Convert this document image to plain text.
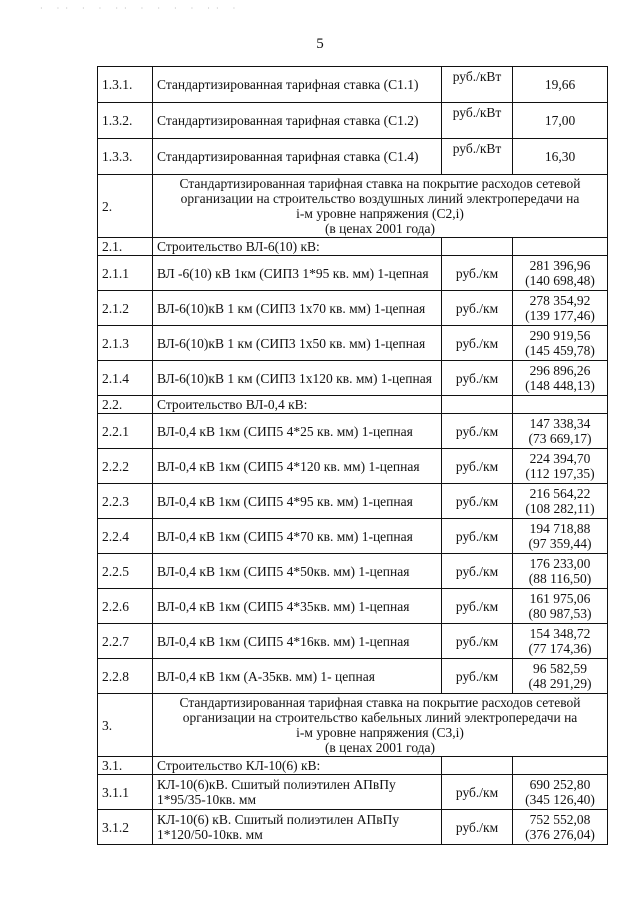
· ·· · · ·· · · · · ·· ·
5
1.3.1.	Стандартизированная тарифная ставка (С1.1)	руб./кВт	19,66
1.3.2.	Стандартизированная тарифная ставка (С1.2)	руб./кВт	17,00
1.3.3.	Стандартизированная тарифная ставка (С1.4)	руб./кВт	16,30
2.	Стандартизированная тарифная ставка на покрытие расходов сетевой
организации на строительство воздушных линий электропередачи на
i-м уровне напряжения (С2,i)
(в ценах 2001 года)		

2.1.	Строительство ВЛ-6(10) кВ:		
2.1.1	ВЛ -6(10) кВ 1км (СИП3 1*95 кв. мм) 1-цепная	руб./км	281 396,96
(140 698,48)

2.1.2	ВЛ-6(10)кВ 1 км (СИП3 1х70 кв. мм) 1-цепная	руб./км	278 354,92
(139 177,46)

2.1.3	ВЛ-6(10)кВ 1 км (СИП3 1х50 кв. мм) 1-цепная	руб./км	290 919,56
(145 459,78)

2.1.4	ВЛ-6(10)кВ 1 км (СИП3 1х120 кв. мм) 1-цепная	руб./км	296 896,26
(148 448,13)

2.2.	Строительство ВЛ-0,4 кВ:		
2.2.1	ВЛ-0,4 кВ 1км (СИП5 4*25 кв. мм) 1-цепная	руб./км	147 338,34
(73 669,17)

2.2.2	ВЛ-0,4 кВ 1км (СИП5 4*120 кв. мм) 1-цепная	руб./км	224 394,70
(112 197,35)

2.2.3	ВЛ-0,4 кВ 1км (СИП5 4*95 кв. мм) 1-цепная	руб./км	216 564,22
(108 282,11)

2.2.4	ВЛ-0,4 кВ 1км (СИП5 4*70 кв. мм) 1-цепная	руб./км	194 718,88
(97 359,44)

2.2.5	ВЛ-0,4 кВ 1км (СИП5 4*50кв. мм) 1-цепная	руб./км	176 233,00
(88 116,50)

2.2.6	ВЛ-0,4 кВ 1км (СИП5 4*35кв. мм) 1-цепная	руб./км	161 975,06
(80 987,53)

2.2.7	ВЛ-0,4 кВ 1км (СИП5 4*16кв. мм) 1-цепная	руб./км	154 348,72
(77 174,36)

2.2.8	ВЛ-0,4 кВ 1км (А-35кв. мм) 1- цепная	руб./км	96 582,59
(48 291,29)

3.	Стандартизированная тарифная ставка на покрытие расходов сетевой
организации на строительство кабельных линий электропередачи на
i-м уровне напряжения (С3,i)
(в ценах 2001 года)		

3.1.	Строительство КЛ-10(6) кВ:		
3.1.1	КЛ-10(6)кВ. Сшитый полиэтилен АПвПу 1*95/35-10кв. мм	руб./км	690 252,80
(345 126,40)

3.1.2	КЛ-10(6) кВ. Сшитый полиэтилен АПвПу 1*120/50-10кв. мм	руб./км	752 552,08
(376 276,04)
